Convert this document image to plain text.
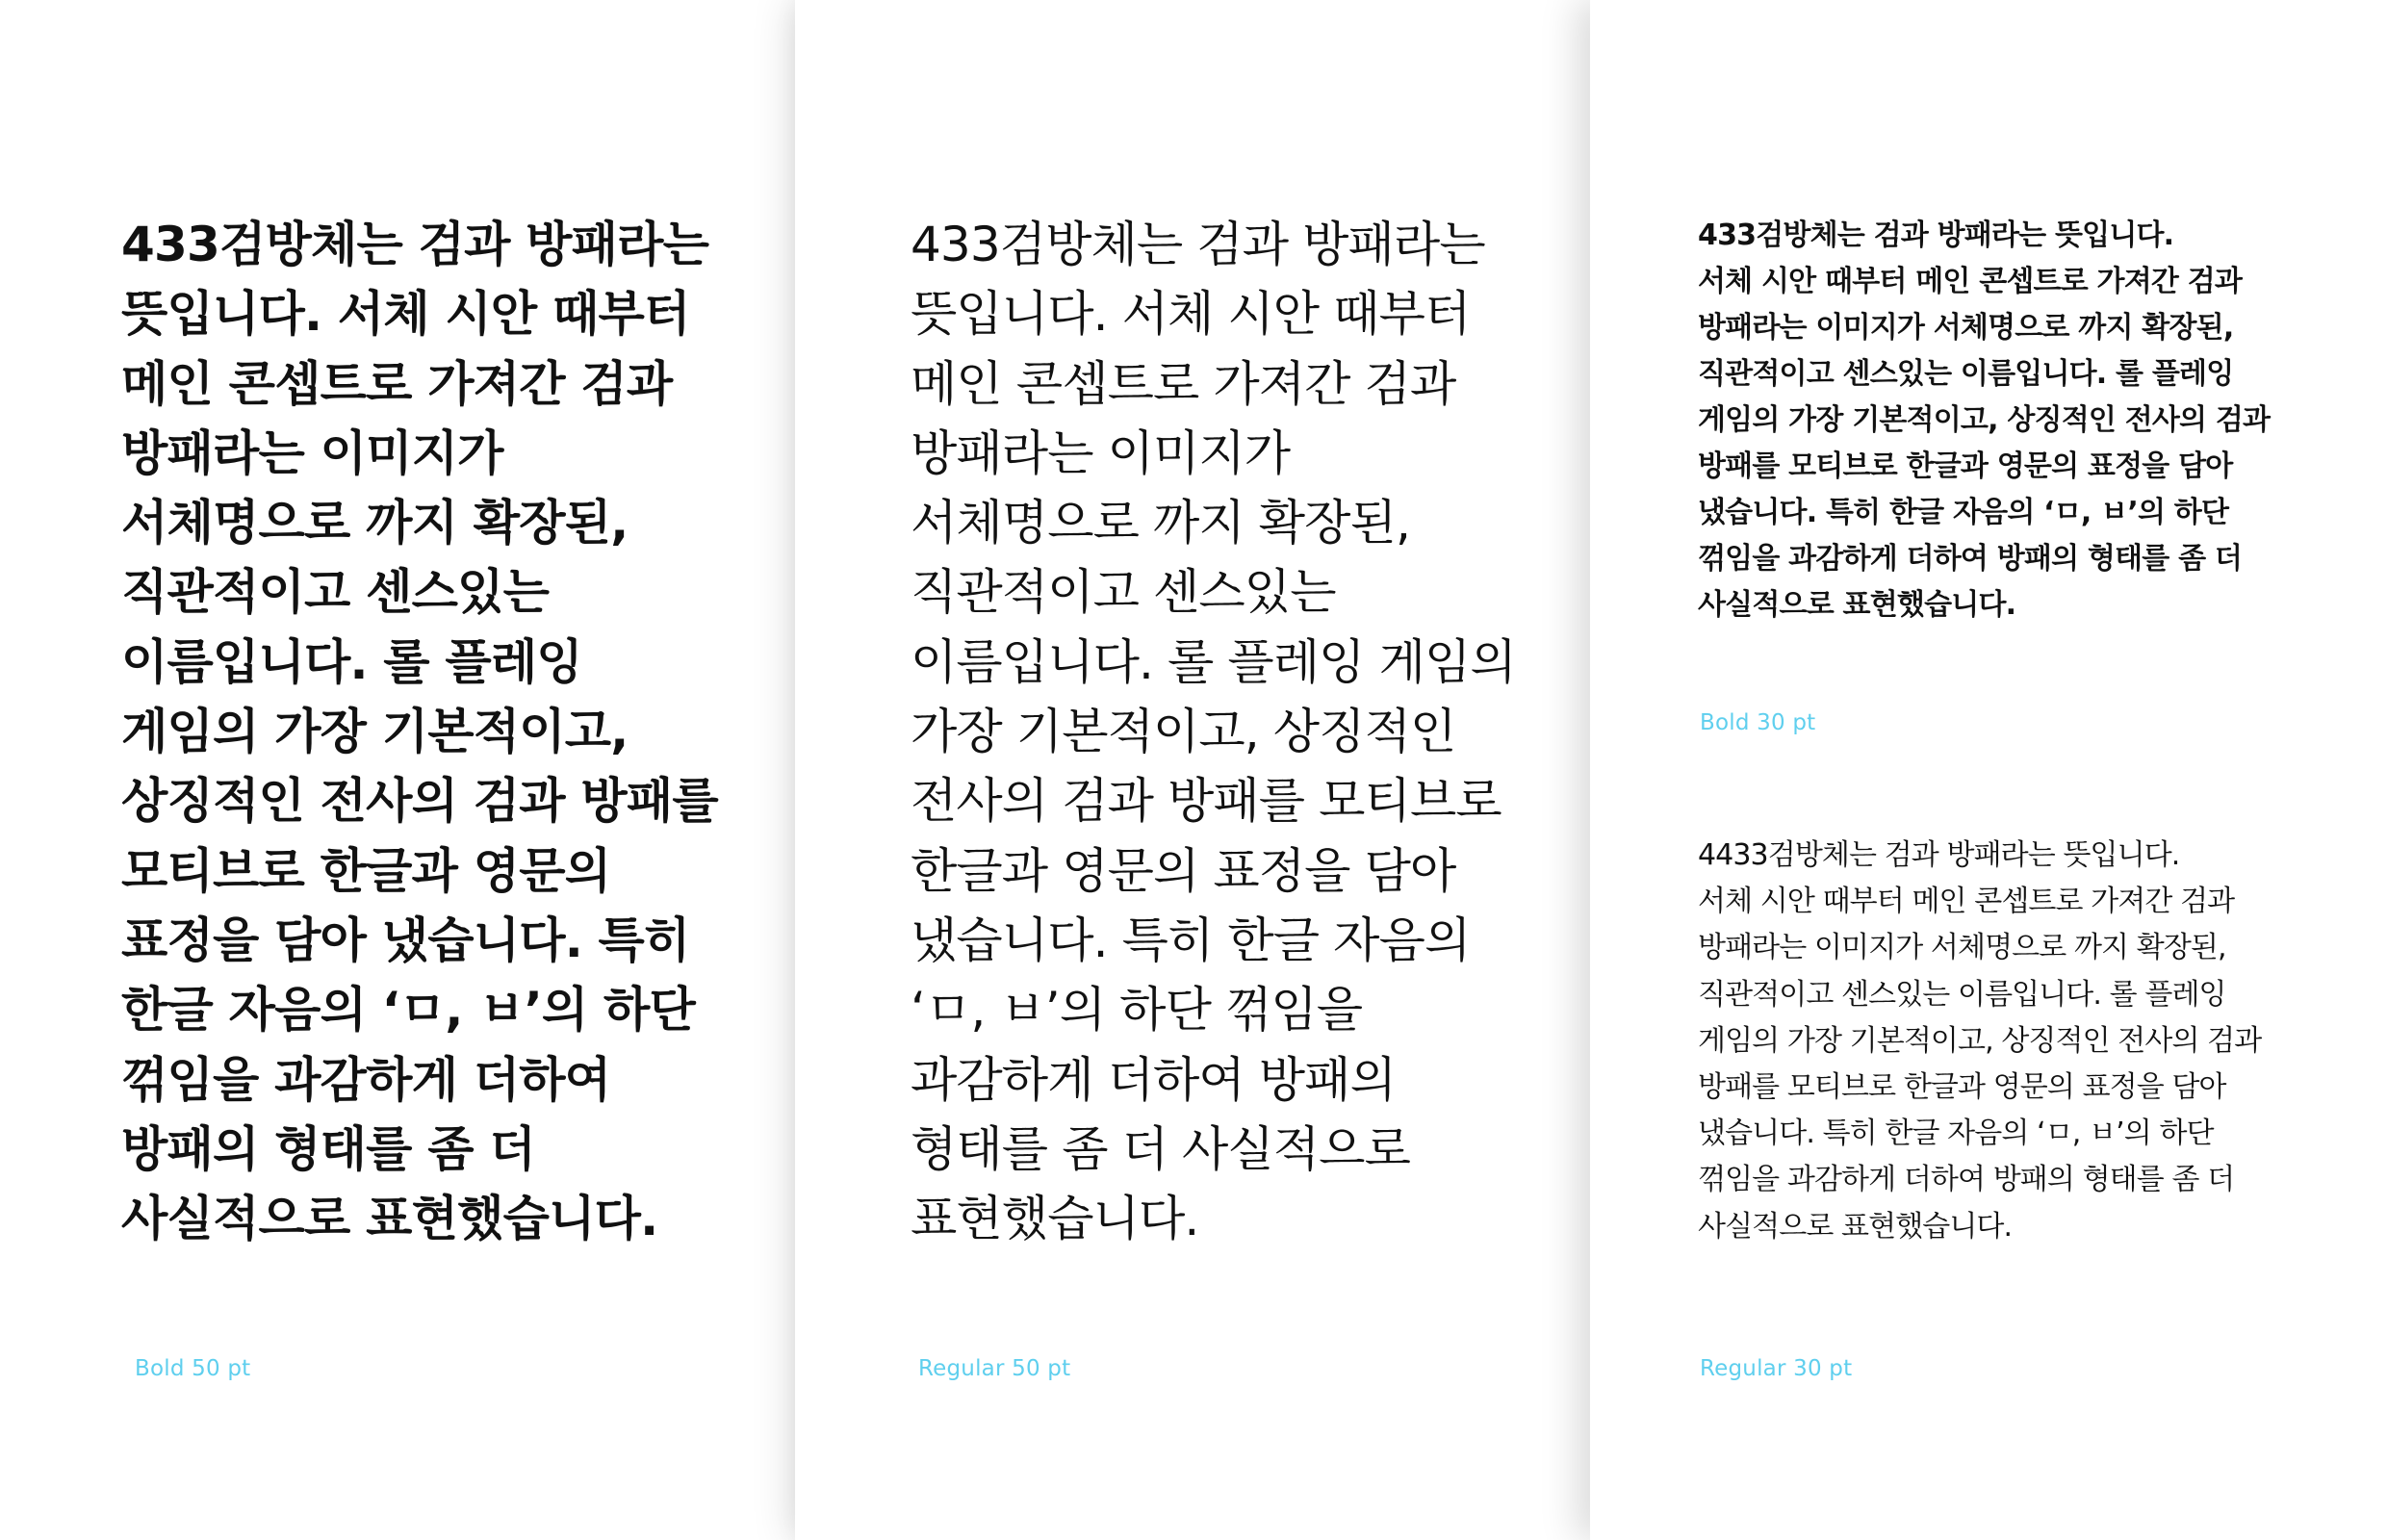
433검방체는 검과 방패라는
뜻입니다. 서체 시안 때부터
메인 콘셉트로 가져간 검과
방패라는 이미지가
서체명으로 까지 확장된,
직관적이고 센스있는
이름입니다. 롤 플레잉
게임의 가장 기본적이고,
상징적인 전사의 검과 방패를
모티브로 한글과 영문의
표정을 담아 냈습니다. 특히
한글 자음의 ‘ㅁ, ㅂ’의 하단
꺾임을 과감하게 더하여
방패의 형태를 좀 더
사실적으로 표현했습니다.

Bold 50 pt

433검방체는 검과 방패라는
뜻입니다. 서체 시안 때부터
메인 콘셉트로 가져간 검과
방패라는 이미지가
서체명으로 까지 확장된,
직관적이고 센스있는
이름입니다. 롤 플레잉 게임의
가장 기본적이고, 상징적인
전사의 검과 방패를 모티브로
한글과 영문의 표정을 담아
냈습니다. 특히 한글 자음의
‘ㅁ, ㅂ’의 하단 꺾임을
과감하게 더하여 방패의
형태를 좀 더 사실적으로
표현했습니다.

Regular 50 pt

433검방체는 검과 방패라는 뜻입니다.
서체 시안 때부터 메인 콘셉트로 가져간 검과
방패라는 이미지가 서체명으로 까지 확장된,
직관적이고 센스있는 이름입니다. 롤 플레잉
게임의 가장 기본적이고, 상징적인 전사의 검과
방패를 모티브로 한글과 영문의 표정을 담아
냈습니다. 특히 한글 자음의 ‘ㅁ, ㅂ’의 하단
꺾임을 과감하게 더하여 방패의 형태를 좀 더
사실적으로 표현했습니다.

Bold 30 pt

4433검방체는 검과 방패라는 뜻입니다.
서체 시안 때부터 메인 콘셉트로 가져간 검과
방패라는 이미지가 서체명으로 까지 확장된,
직관적이고 센스있는 이름입니다. 롤 플레잉
게임의 가장 기본적이고, 상징적인 전사의 검과
방패를 모티브로 한글과 영문의 표정을 담아
냈습니다. 특히 한글 자음의 ‘ㅁ, ㅂ’의 하단
꺾임을 과감하게 더하여 방패의 형태를 좀 더
사실적으로 표현했습니다.

Regular 30 pt
